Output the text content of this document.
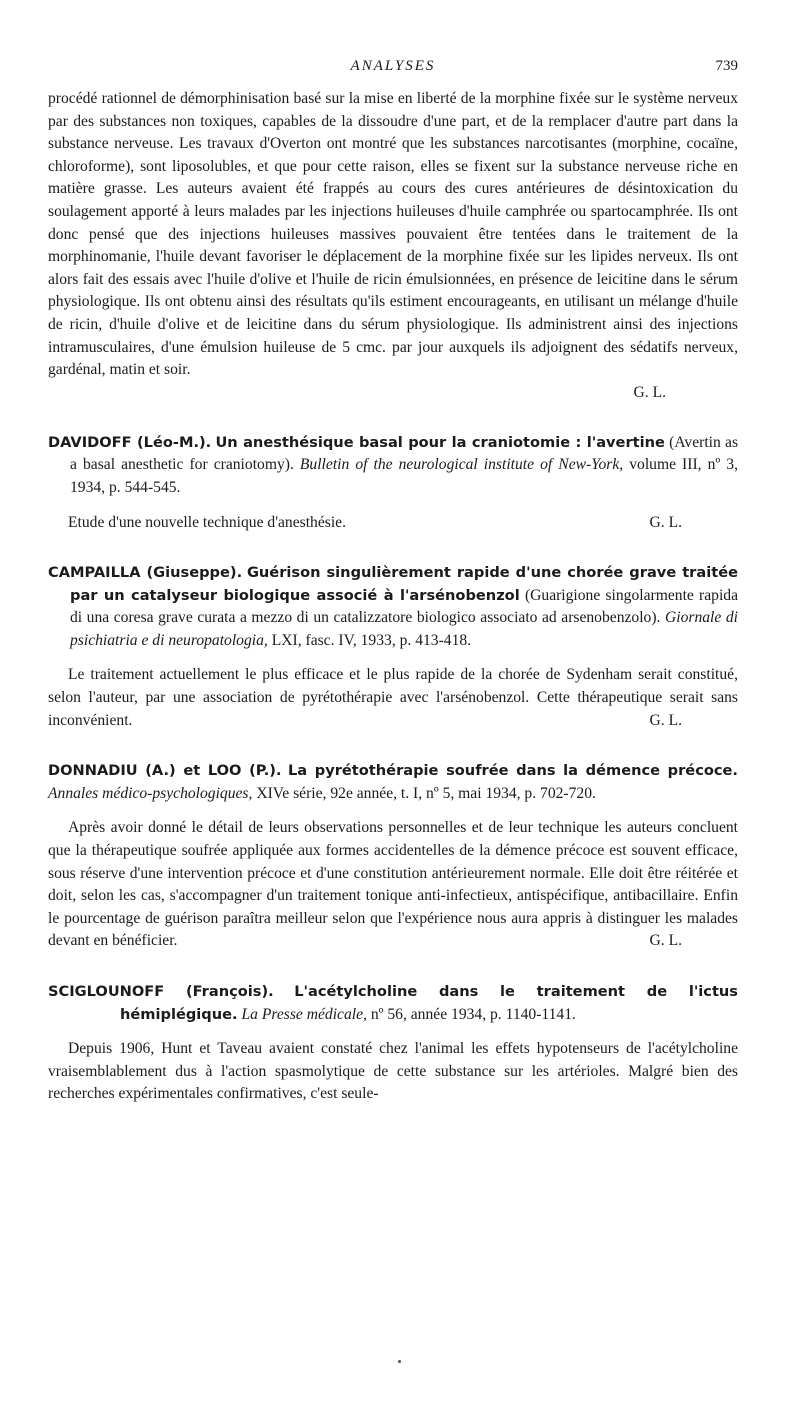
ANALYSES	739

procédé rationnel de démorphinisation basé sur la mise en liberté de la morphine fixée sur le système nerveux par des substances non toxiques, capables de la dissoudre d'une part, et de la remplacer d'autre part dans la substance nerveuse. Les travaux d'Overton ont montré que les substances narcotisantes (morphine, cocaïne, chloroforme), sont liposolubles, et que pour cette raison, elles se fixent sur la substance nerveuse riche en matière grasse. Les auteurs avaient été frappés au cours des cures antérieures de désintoxication du soulagement apporté à leurs malades par les injections huileuses d'huile camphrée ou spartocamphrée. Ils ont donc pensé que des injections huileuses massives pouvaient être tentées dans le traitement de la morphinomanie, l'huile devant favoriser le déplacement de la morphine fixée sur les lipides nerveux. Ils ont alors fait des essais avec l'huile d'olive et l'huile de ricin émulsionnées, en présence de leicitine dans le sérum physiologique. Ils ont obtenu ainsi des résultats qu'ils estiment encourageants, en utilisant un mélange d'huile de ricin, d'huile d'olive et de leicitine dans du sérum physiologique. Ils administrent ainsi des injections intramusculaires, d'une émulsion huileuse de 5 cmc. par jour auxquels ils adjoignent des sédatifs nerveux, gardénal, matin et soir.

G. L.
DAVIDOFF (Léo-M.). Un anesthésique basal pour la craniotomie : l'avertine (Avertin as a basal anesthetic for craniotomy). Bulletin of the neurological institute of New-York, volume III, nº 3, 1934, p. 544-545.

Etude d'une nouvelle technique d'anesthésie.	G. L.

CAMPAILLA (Giuseppe). Guérison singulièrement rapide d'une chorée grave traitée par un catalyseur biologique associé à l'arsénobenzol (Guarigione singolarmente rapida di una coresa grave curata a mezzo di un catalizzatore biologico associato ad arsenobenzolo). Giornale di psichiatria e di neuropatologia, LXI, fasc. IV, 1933, p. 413-418.

Le traitement actuellement le plus efficace et le plus rapide de la chorée de Sydenham serait constitué, selon l'auteur, par une association de pyrétothérapie avec l'arsénobenzol. Cette thérapeutique serait sans inconvénient.	G. L.

DONNADIU (A.) et LOO (P.). La pyrétothérapie soufrée dans la démence précoce. Annales médico-psychologiques, XIVe série, 92e année, t. I, nº 5, mai 1934, p. 702-720.

Après avoir donné le détail de leurs observations personnelles et de leur technique les auteurs concluent que la thérapeutique soufrée appliquée aux formes accidentelles de la démence précoce est souvent efficace, sous réserve d'une intervention précoce et d'une constitution antérieurement normale. Elle doit être réitérée et doit, selon les cas, s'accompagner d'un traitement tonique anti-infectieux, antispécifique, antibacillaire. Enfin le pourcentage de guérison paraîtra meilleur selon que l'expérience nous aura appris à distinguer les malades devant en bénéficier.	G. L.

SCIGLOUNOFF (François). L'acétylcholine dans le traitement de l'ictus hémiplégique. La Presse médicale, nº 56, année 1934, p. 1140-1141.

Depuis 1906, Hunt et Taveau avaient constaté chez l'animal les effets hypotenseurs de l'acétylcholine vraisemblablement dus à l'action spasmolytique de cette substance sur les artérioles. Malgré bien des recherches expérimentales confirmatives, c'est seule-
